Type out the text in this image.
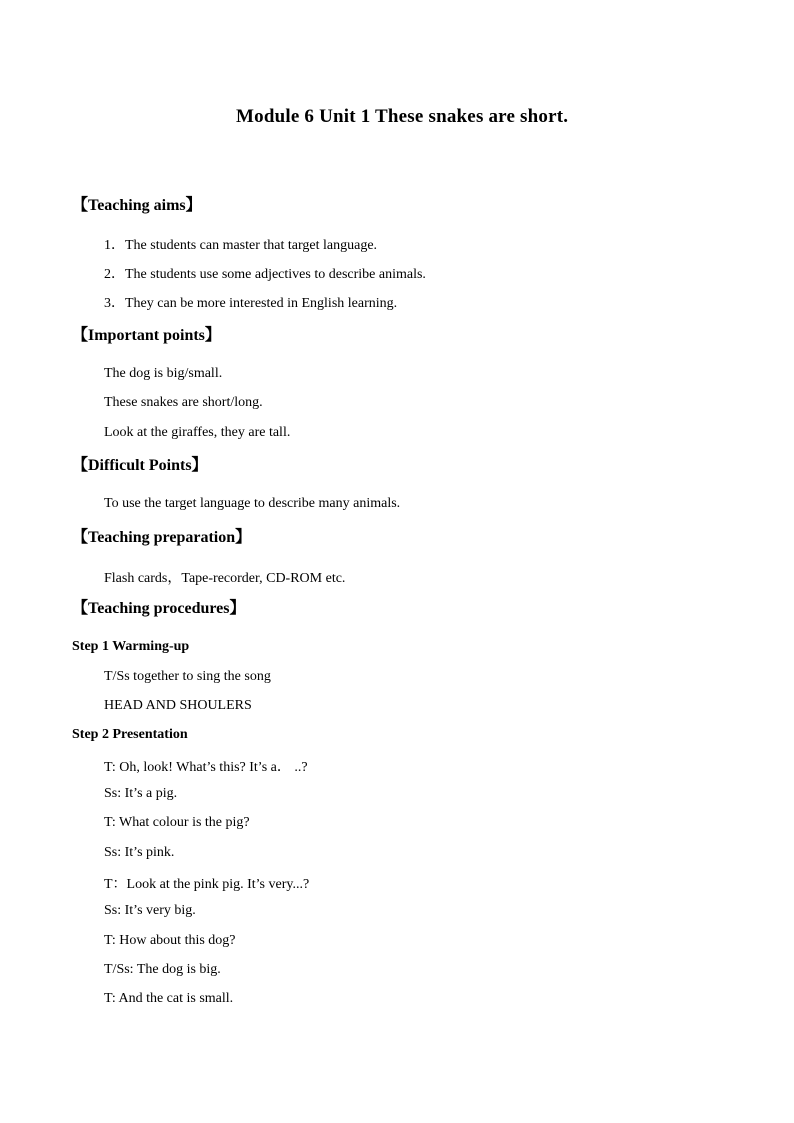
Module 6 Unit 1 These snakes are short.
【Teaching aims】
1．The students can master that target language.
2．The students use some adjectives to describe animals.
3．They can be more interested in English learning.
【Important points】
The dog is big/small.
These snakes are short/long.
Look at the giraffes, they are tall.
【Difficult Points】
To use the target language to describe many animals.
【Teaching preparation】
Flash cards，Tape-recorder, CD-ROM etc.
【Teaching procedures】
Step 1 Warming-up
T/Ss together to sing the song
HEAD AND SHOULERS
Step 2 Presentation
T: Oh, look! What’s this? It’s a． ..?
Ss: It’s a pig.
T: What colour is the pig?
Ss: It’s pink.
T：Look at the pink pig. It’s very...?
Ss: It’s very big.
T: How about this dog?
T/Ss: The dog is big.
T: And the cat is small.
